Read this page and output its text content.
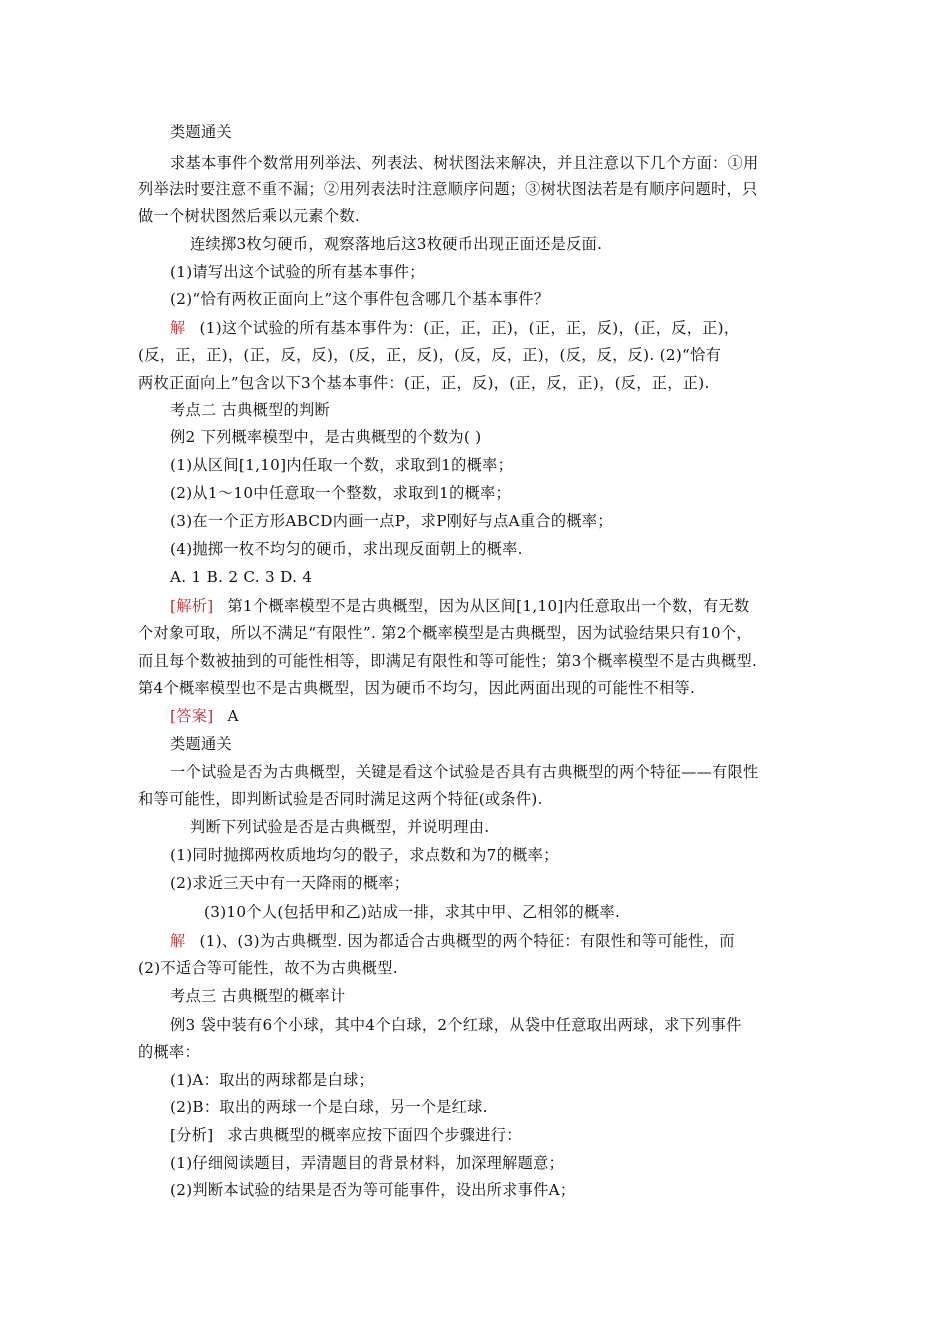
类题通关
求基本事件个数常用列举法、列表法、树状图法来解决，并且注意以下几个方面：①用
列举法时要注意不重不漏；②用列表法时注意顺序问题；③树状图法若是有顺序问题时，只
做一个树状图然后乘以元素个数.
连续掷3枚匀硬币，观察落地后这3枚硬币出现正面还是反面.
(1)请写出这个试验的所有基本事件；
(2)“恰有两枚正面向上”这个事件包含哪几个基本事件？
解 (1)这个试验的所有基本事件为：(正，正，正)，(正，正，反)，(正，反，正)，
(反，正，正)，(正，反，反)，(反，正，反)，(反，反，正)，(反，反，反). (2)“恰有
两枚正面向上”包含以下3个基本事件：(正，正，反)，(正，反，正)，(反，正，正).
考点二 古典概型的判断
例2 下列概率模型中，是古典概型的个数为( )
(1)从区间[1,10]内任取一个数，求取到1的概率；
(2)从1～10中任意取一个整数，求取到1的概率；
(3)在一个正方形ABCD内画一点P，求P刚好与点A重合的概率；
(4)抛掷一枚不均匀的硬币，求出现反面朝上的概率.
A. 1 B. 2 C. 3 D. 4
[解析] 第1个概率模型不是古典概型，因为从区间[1,10]内任意取出一个数，有无数
个对象可取，所以不满足“有限性”. 第2个概率模型是古典概型，因为试验结果只有10个，
而且每个数被抽到的可能性相等，即满足有限性和等可能性；第3个概率模型不是古典概型.
第4个概率模型也不是古典概型，因为硬币不均匀，因此两面出现的可能性不相等.
[答案] A
类题通关
一个试验是否为古典概型，关键是看这个试验是否具有古典概型的两个特征——有限性
和等可能性，即判断试验是否同时满足这两个特征(或条件).
判断下列试验是否是古典概型，并说明理由.
(1)同时抛掷两枚质地均匀的骰子，求点数和为7的概率；
(2)求近三天中有一天降雨的概率；
(3)10个人(包括甲和乙)站成一排，求其中甲、乙相邻的概率.
解 (1)、(3)为古典概型. 因为都适合古典概型的两个特征：有限性和等可能性，而
(2)不适合等可能性，故不为古典概型.
考点三 古典概型的概率计
例3 袋中装有6个小球，其中4个白球，2个红球，从袋中任意取出两球，求下列事件
的概率：
(1)A：取出的两球都是白球；
(2)B：取出的两球一个是白球，另一个是红球.
[分析] 求古典概型的概率应按下面四个步骤进行：
(1)仔细阅读题目，弄清题目的背景材料，加深理解题意；
(2)判断本试验的结果是否为等可能事件，设出所求事件A；
